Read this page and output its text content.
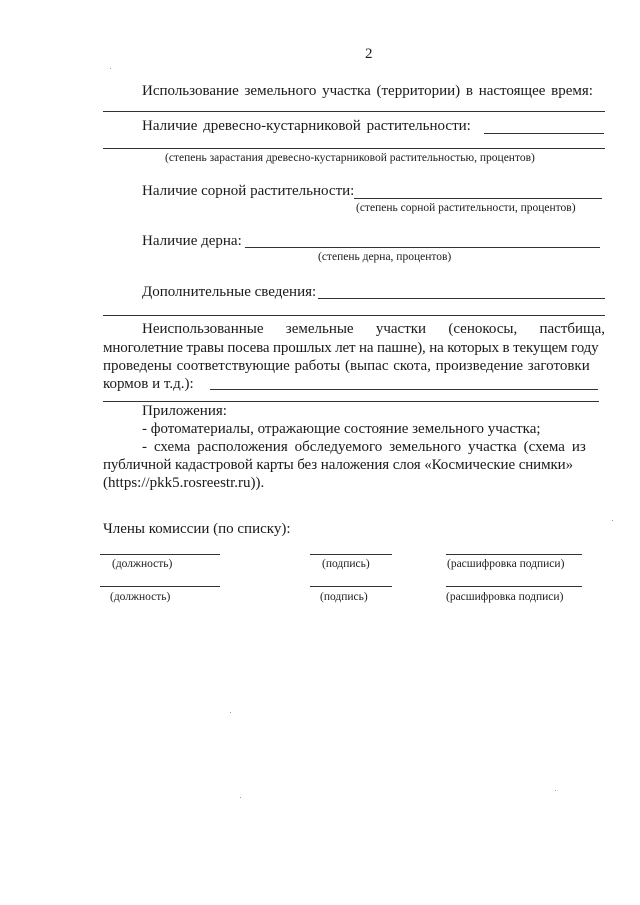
2
Использование земельного участка (территории) в настоящее время:
Наличие древесно-кустарниковой растительности:
(степень зарастания древесно-кустарниковой растительностью, процентов)
Наличие сорной растительности:
(степень сорной растительности, процентов)
Наличие дерна:
(степень дерна, процентов)
Дополнительные сведения:
Неиспользованные земельные участки (сенокосы, пастбища,
многолетние травы посева прошлых лет на пашне), на которых в текущем году
проведены соответствующие работы (выпас скота, произведение заготовки
кормов и т.д.):
Приложения:
- фотоматериалы, отражающие состояние земельного участка;
- схема расположения обследуемого земельного участка (схема из
публичной кадастровой карты без наложения слоя «Космические снимки»
(https://pkk5.rosreestr.ru)).
Члены комиссии (по списку):
(должность)	(подпись)	(расшифровка подписи)
(должность)	(подпись)	(расшифровка подписи)
